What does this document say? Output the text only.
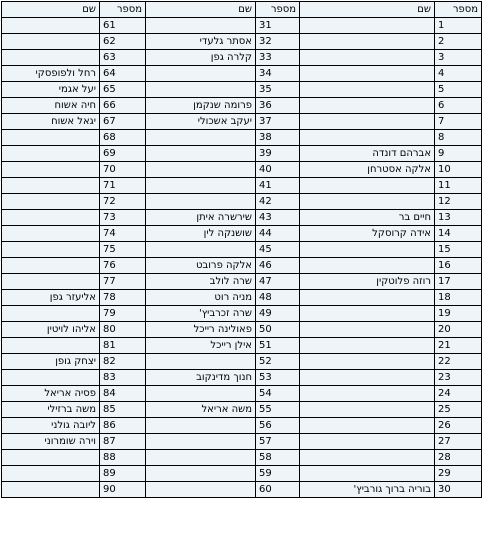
מספר	שם	מספר	שם	מספר	שם
1		31		61	
2		32	אסתר גלעדי	62	
3		33	קלרה גפן	63	
4		34		64	רחל ולפופסקי
5		35		65	יעל אגמי
6		36	פרומה שנקמן	66	חיה אשוח
7		37	יעקב אשכולי	67	יגאל אשוח
8		38		68	
9	אברהם דונדה	39		69	
10	אלקה אסטרחן	40		70	
11		41		71	
12		42		72	
13	חיים בר	43	שירשרה איתן	73	
14	אידה קרוסקל	44	שושנקה לין	74	
15		45		75	
16		46	אלקה פרובט	76	
17	רוזה פלוטקין	47	שרה לולב	77	
18		48	מניה רוט	78	אליעזר גפן
19		49	שרה זכרביץ'	79	
20		50	פאולינה רייכל	80	אליהו לויטין
21		51	אילן רייכל	81	
22		52		82	יצחק גופן
23		53	חנוך מדינקוב	83	
24		54		84	פסיה אריאל
25		55	משה אריאל	85	משה ברזילי
26		56		86	ליובה גולני
27		57		87	וירה שומרוני
28		58		88	
29		59		89	
30	בוריה ברוך גורביץ'	60		90	
